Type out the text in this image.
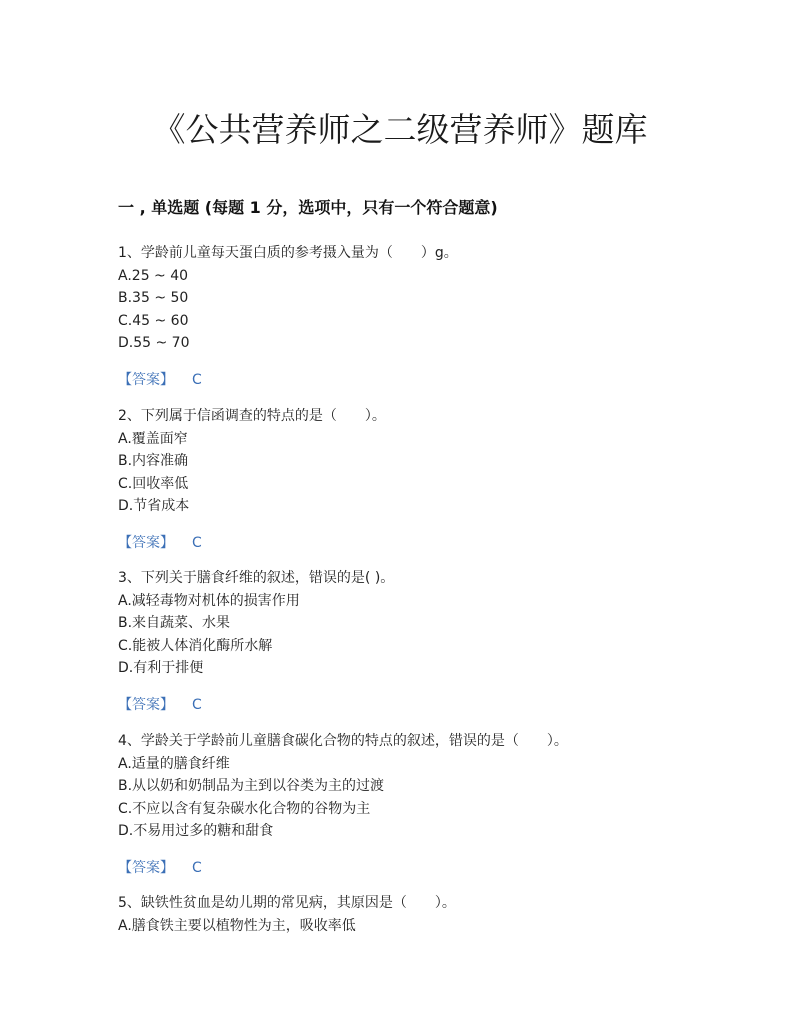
《公共营养师之二级营养师》题库
一 , 单选题 (每题 1 分，选项中，只有一个符合题意)
1、学龄前儿童每天蛋白质的参考摄入量为（　　）g。
A.25 ~ 40
B.35 ~ 50
C.45 ~ 60
D.55 ~ 70
【答案】 C
2、下列属于信函调查的特点的是（　　）。
A.覆盖面窄
B.内容准确
C.回收率低
D.节省成本
【答案】 C
3、下列关于膳食纤维的叙述，错误的是( )。
A.减轻毒物对机体的损害作用
B.来自蔬菜、水果
C.能被人体消化酶所水解
D.有利于排便
【答案】 C
4、学龄关于学龄前儿童膳食碳化合物的特点的叙述，错误的是（　　）。
A.适量的膳食纤维
B.从以奶和奶制品为主到以谷类为主的过渡
C.不应以含有复杂碳水化合物的谷物为主
D.不易用过多的糖和甜食
【答案】 C
5、缺铁性贫血是幼儿期的常见病，其原因是（　　）。
A.膳食铁主要以植物性为主，吸收率低
